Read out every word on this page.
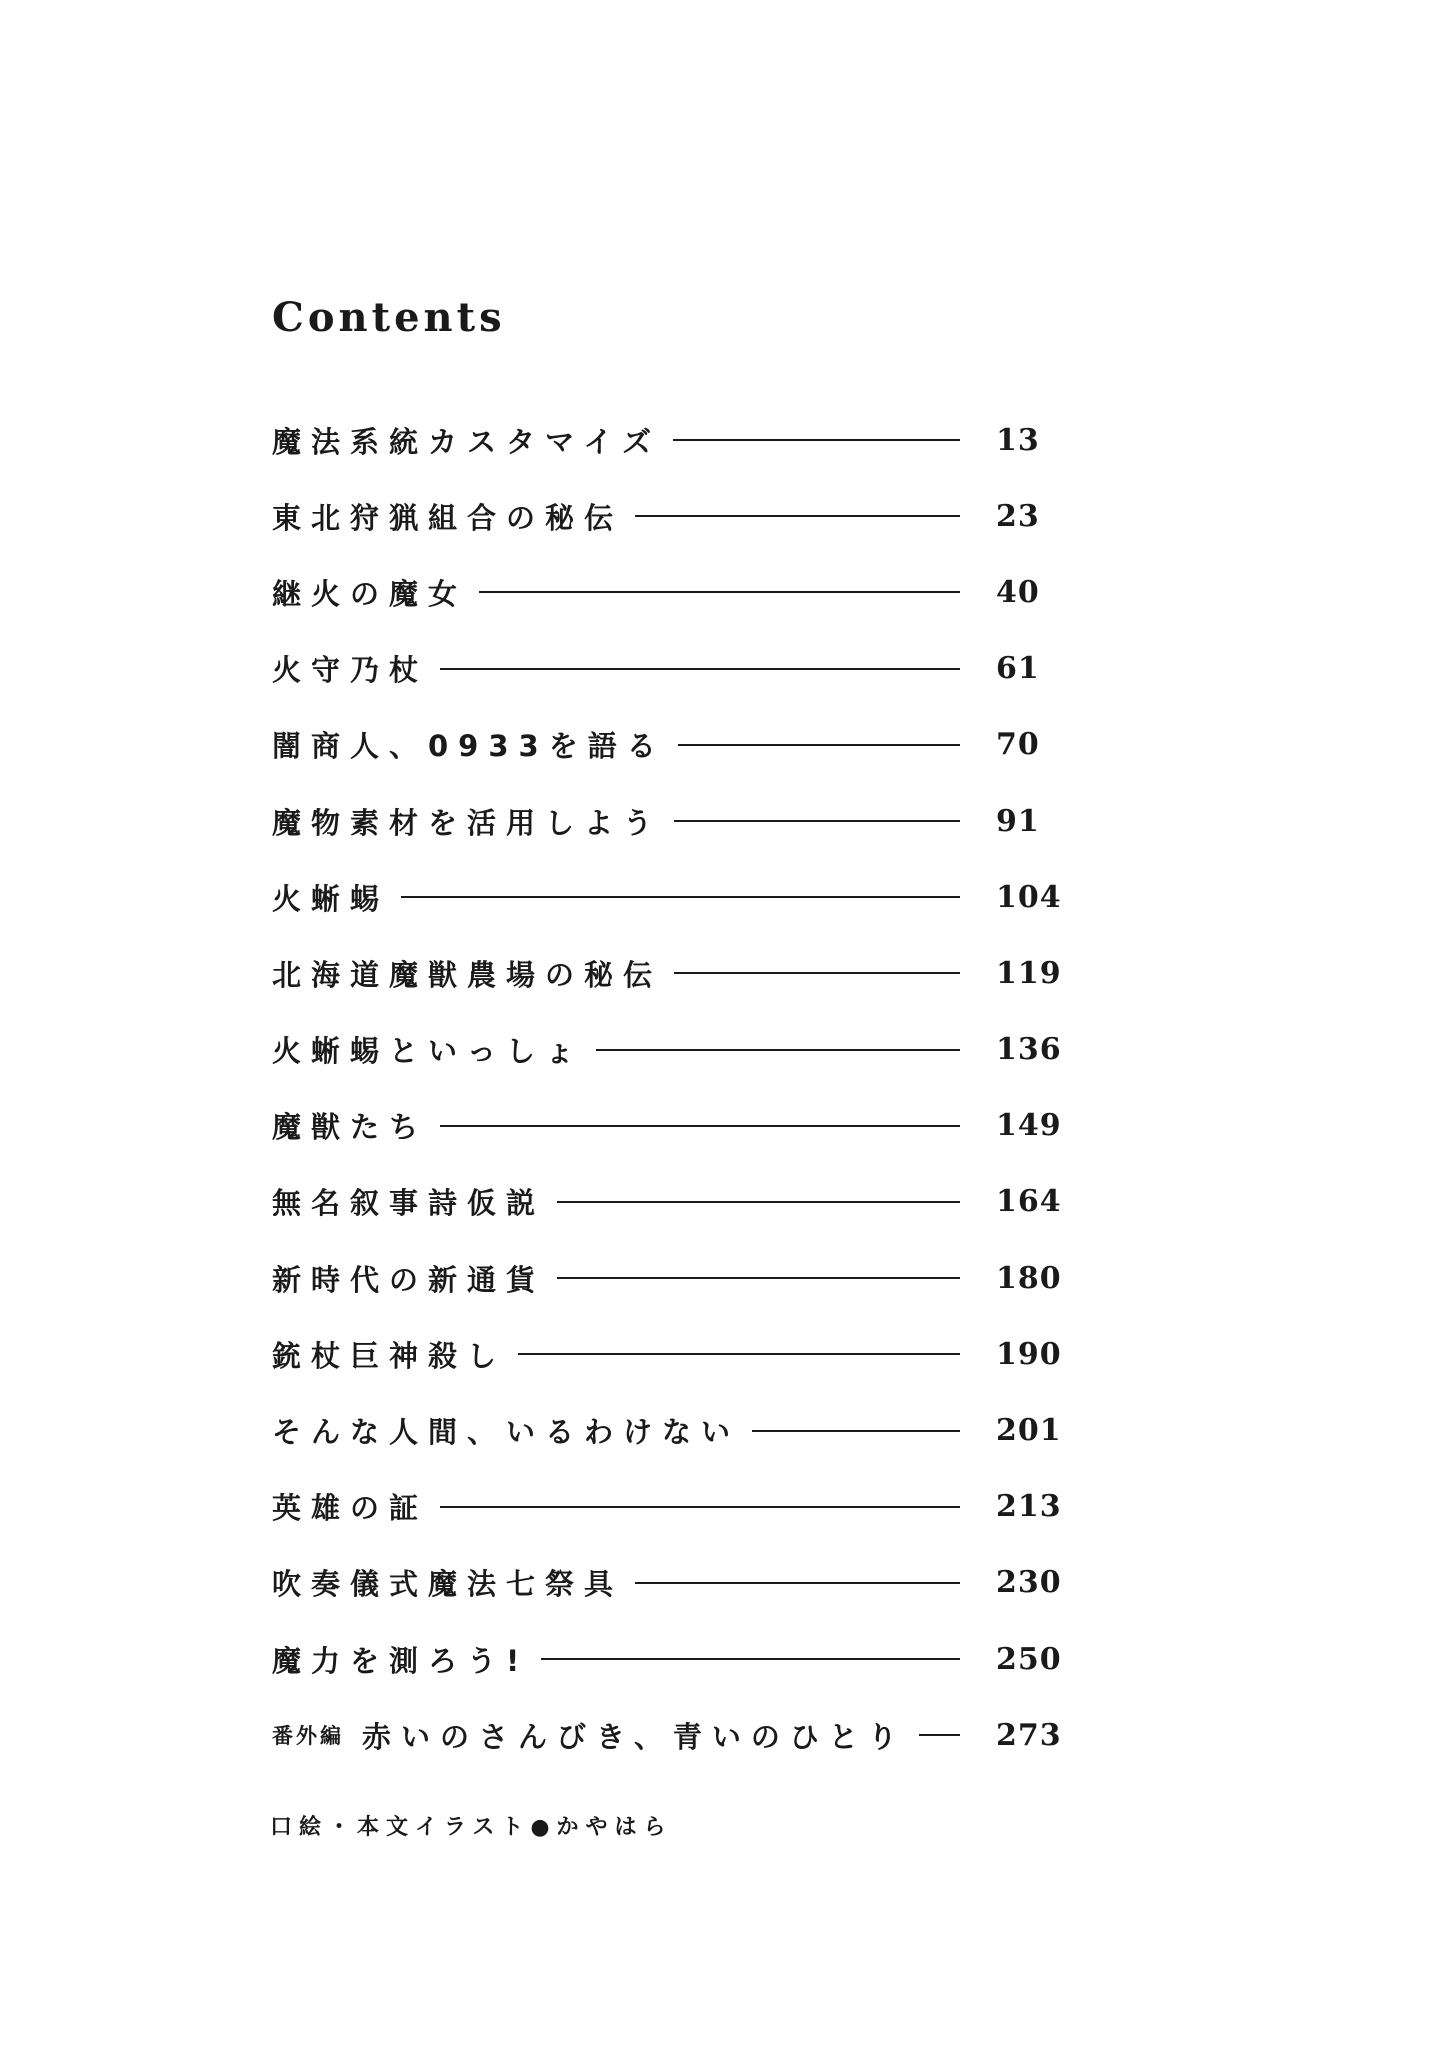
Contents
魔法系統カスタマイズ	13
東北狩猟組合の秘伝	23
継火の魔女	40
火守乃杖	61
闇商人、0933を語る	70
魔物素材を活用しよう	91
火蜥蜴	104
北海道魔獣農場の秘伝	119
火蜥蜴といっしょ	136
魔獣たち	149
無名叙事詩仮説	164
新時代の新通貨	180
銃杖巨神殺し	190
そんな人間、いるわけない	201
英雄の証	213
吹奏儀式魔法七祭具	230
魔力を測ろう!	250
番外編 赤いのさんびき、青いのひとり	273
口絵・本文イラスト●かやはら
